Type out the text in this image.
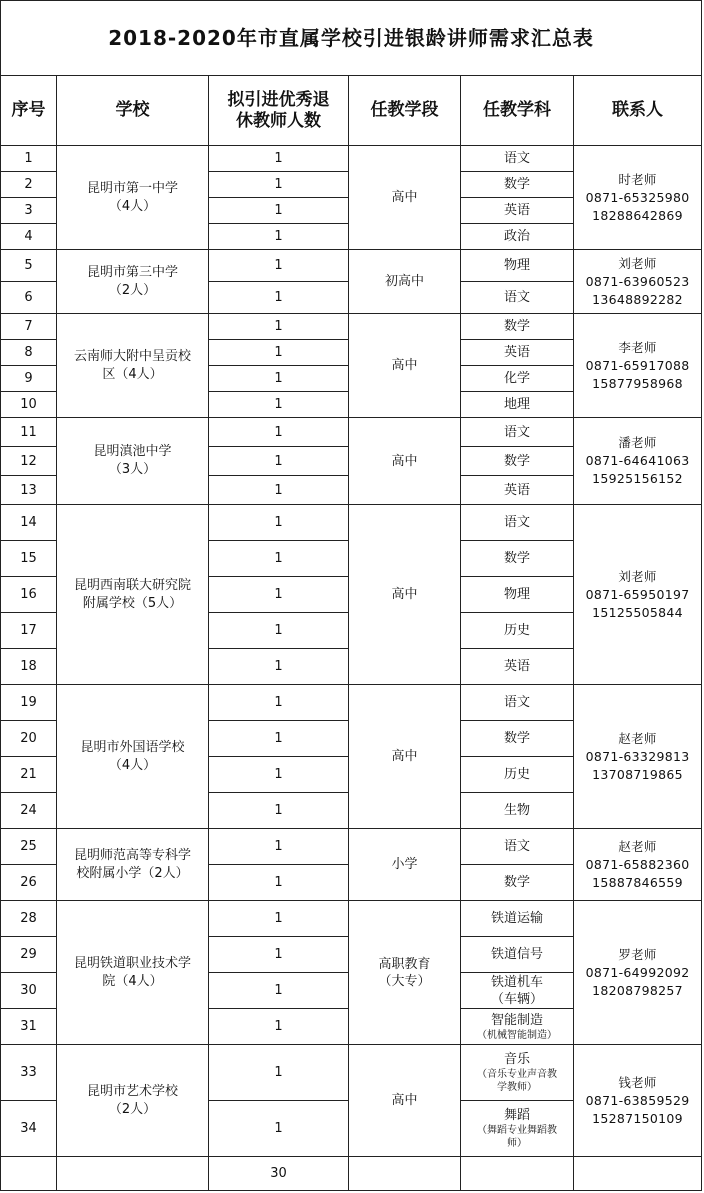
2018-2020年市直属学校引进银龄讲师需求汇总表					
序号	学校	拟引进优秀退
休教师人数	任教学段	任教学科	联系人
1	昆明市第一中学
（4人）	1	高中	语文	时老师
0871-65325980
18288642869

2		1		数学	
3		1		英语	
4		1		政治	
5	昆明市第三中学
（2人）	1	初高中	物理	刘老师
0871-63960523
13648892282

6		1		语文	
7	云南师大附中呈贡校
区（4人）	1	高中	数学	李老师
0871-65917088
15877958968

8		1		英语	
9		1		化学	
10		1		地理	
11	昆明滇池中学
（3人）	1	高中	语文	潘老师
0871-64641063
15925156152

12		1		数学	
13		1		英语	
14	昆明西南联大研究院
附属学校（5人）	1	高中	语文	刘老师
0871-65950197
15125505844

15		1		数学	
16		1		物理	
17		1		历史	
18		1		英语	
19	昆明市外国语学校
（4人）	1	高中	语文	赵老师
0871-63329813
13708719865

20		1		数学	
21		1		历史	
24		1		生物	
25	昆明师范高等专科学
校附属小学（2人）	1	小学	语文	赵老师
0871-65882360
15887846559

26		1		数学	
28	昆明铁道职业技术学
院（4人）	1	高职教育
（大专）	铁道运输	罗老师
0871-64992092
18208798257

29		1		铁道信号	
30		1		铁道机车
（车辆）	

31		1		智能制造
（机械智能制造）	

33	昆明市艺术学校
（2人）	1	高中	音乐
（音乐专业声音教
学教师）	钱老师
0871-63859529
15287150109

34		1		舞蹈
（舞蹈专业舞蹈教
师）	

		30			
